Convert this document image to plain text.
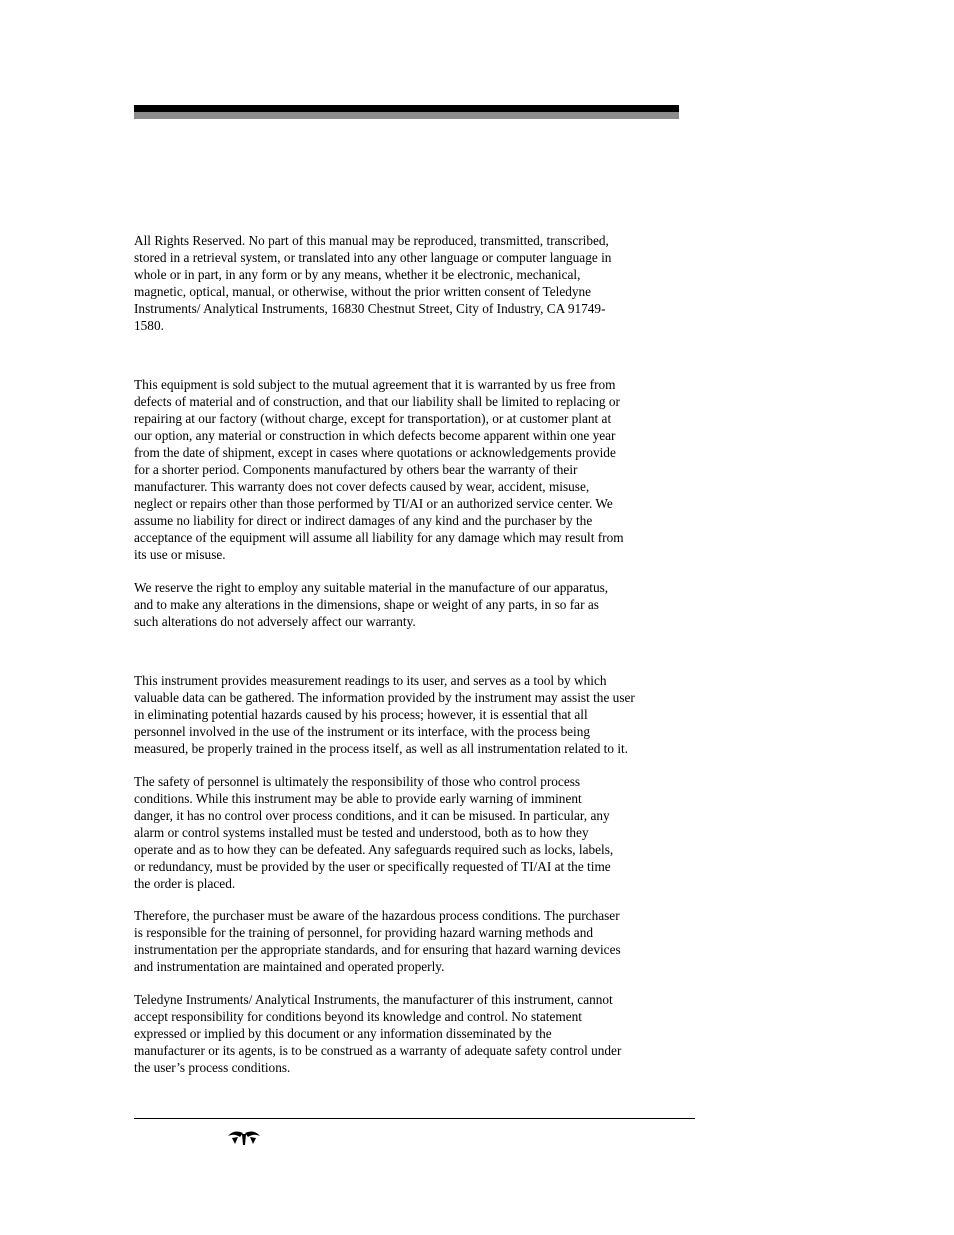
All Rights Reserved. No part of this manual may be reproduced, transmitted, transcribed,
stored in a retrieval system, or translated into any other language or computer language in
whole or in part, in any form or by any means, whether it be electronic, mechanical,
magnetic, optical, manual, or otherwise, without the prior written consent of Teledyne
Instruments/ Analytical Instruments, 16830 Chestnut Street, City of Industry, CA 91749-
1580.

This equipment is sold subject to the mutual agreement that it is warranted by us free from
defects of material and of construction, and that our liability shall be limited to replacing or
repairing at our factory (without charge, except for transportation), or at customer plant at
our option, any material or construction in which defects become apparent within one year
from the date of shipment, except in cases where quotations or acknowledgements provide
for a shorter period. Components manufactured by others bear the warranty of their
manufacturer. This warranty does not cover defects caused by wear, accident, misuse,
neglect or repairs other than those performed by TI/AI or an authorized service center. We
assume no liability for direct or indirect damages of any kind and the purchaser by the
acceptance of the equipment will assume all liability for any damage which may result from
its use or misuse.

We reserve the right to employ any suitable material in the manufacture of our apparatus,
and to make any alterations in the dimensions, shape or weight of any parts, in so far as
such alterations do not adversely affect our warranty.

This instrument provides measurement readings to its user, and serves as a tool by which
valuable data can be gathered. The information provided by the instrument may assist the user
in eliminating potential hazards caused by his process; however, it is essential that all
personnel involved in the use of the instrument or its interface, with the process being
measured, be properly trained in the process itself, as well as all instrumentation related to it.

The safety of personnel is ultimately the responsibility of those who control process
conditions. While this instrument may be able to provide early warning of imminent
danger, it has no control over process conditions, and it can be misused. In particular, any
alarm or control systems installed must be tested and understood, both as to how they
operate and as to how they can be defeated. Any safeguards required such as locks, labels,
or redundancy, must be provided by the user or specifically requested of TI/AI at the time
the order is placed.

Therefore, the purchaser must be aware of the hazardous process conditions. The purchaser
is responsible for the training of personnel, for providing hazard warning methods and
instrumentation per the appropriate standards, and for ensuring that hazard warning devices
and instrumentation are maintained and operated properly.

Teledyne Instruments/ Analytical Instruments, the manufacturer of this instrument, cannot
accept responsibility for conditions beyond its knowledge and control. No statement
expressed or implied by this document or any information disseminated by the
manufacturer or its agents, is to be construed as a warranty of adequate safety control under
the user’s process conditions.
